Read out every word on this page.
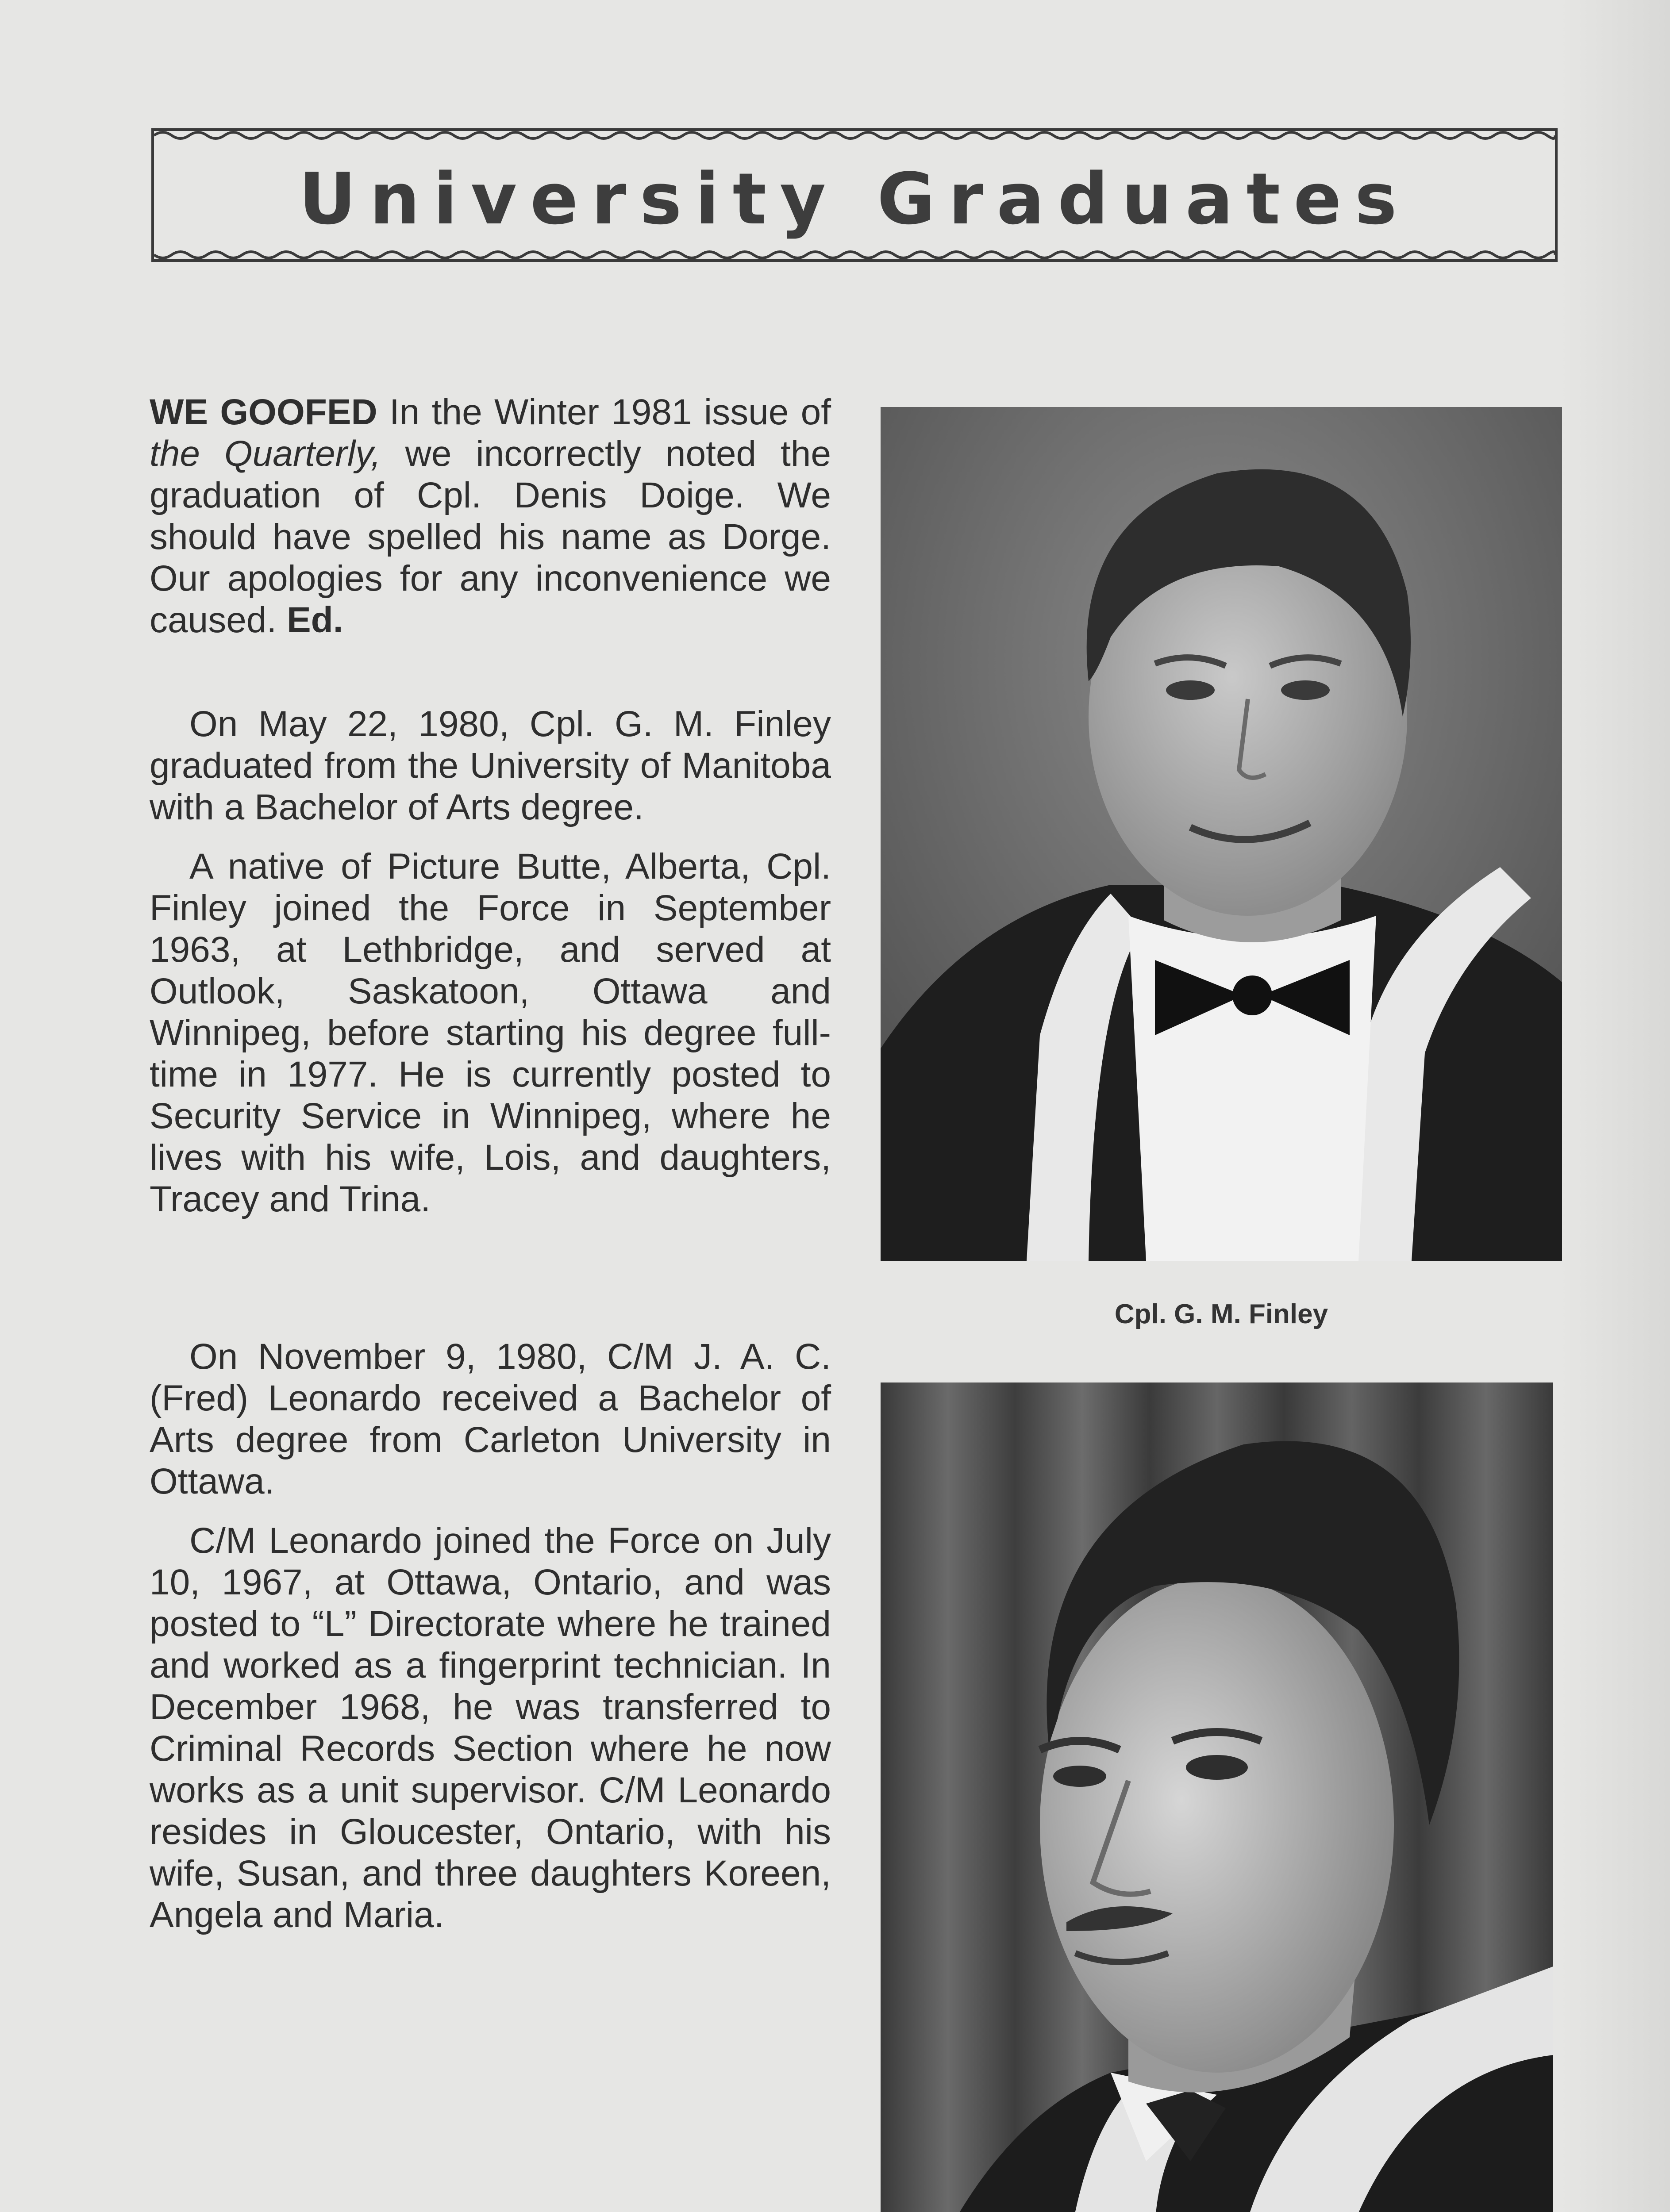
University Graduates

WE GOOFED In the Winter 1981 issue of the Quarterly, we incorrectly noted the graduation of Cpl. Denis Doige. We should have spelled his name as Dorge. Our apologies for any inconvenience we caused. Ed.

On May 22, 1980, Cpl. G. M. Finley graduated from the University of Manitoba with a Bachelor of Arts degree.

A native of Picture Butte, Alberta, Cpl. Finley joined the Force in September 1963, at Lethbridge, and served at Outlook, Saskatoon, Ottawa and Winnipeg, before starting his degree full-time in 1977. He is currently posted to Security Service in Winnipeg, where he lives with his wife, Lois, and daughters, Tracey and Trina.

On November 9, 1980, C/M J. A. C. (Fred) Leonardo received a Bachelor of Arts degree from Carleton University in Ottawa.

C/M Leonardo joined the Force on July 10, 1967, at Ottawa, Ontario, and was posted to “L” Directorate where he trained and worked as a fingerprint technician. In December 1968, he was transferred to Criminal Records Section where he now works as a unit supervisor. C/M Leonardo resides in Gloucester, Ontario, with his wife, Susan, and three daughters Koreen, Angela and Maria.

Cpl. G. M. Finley
